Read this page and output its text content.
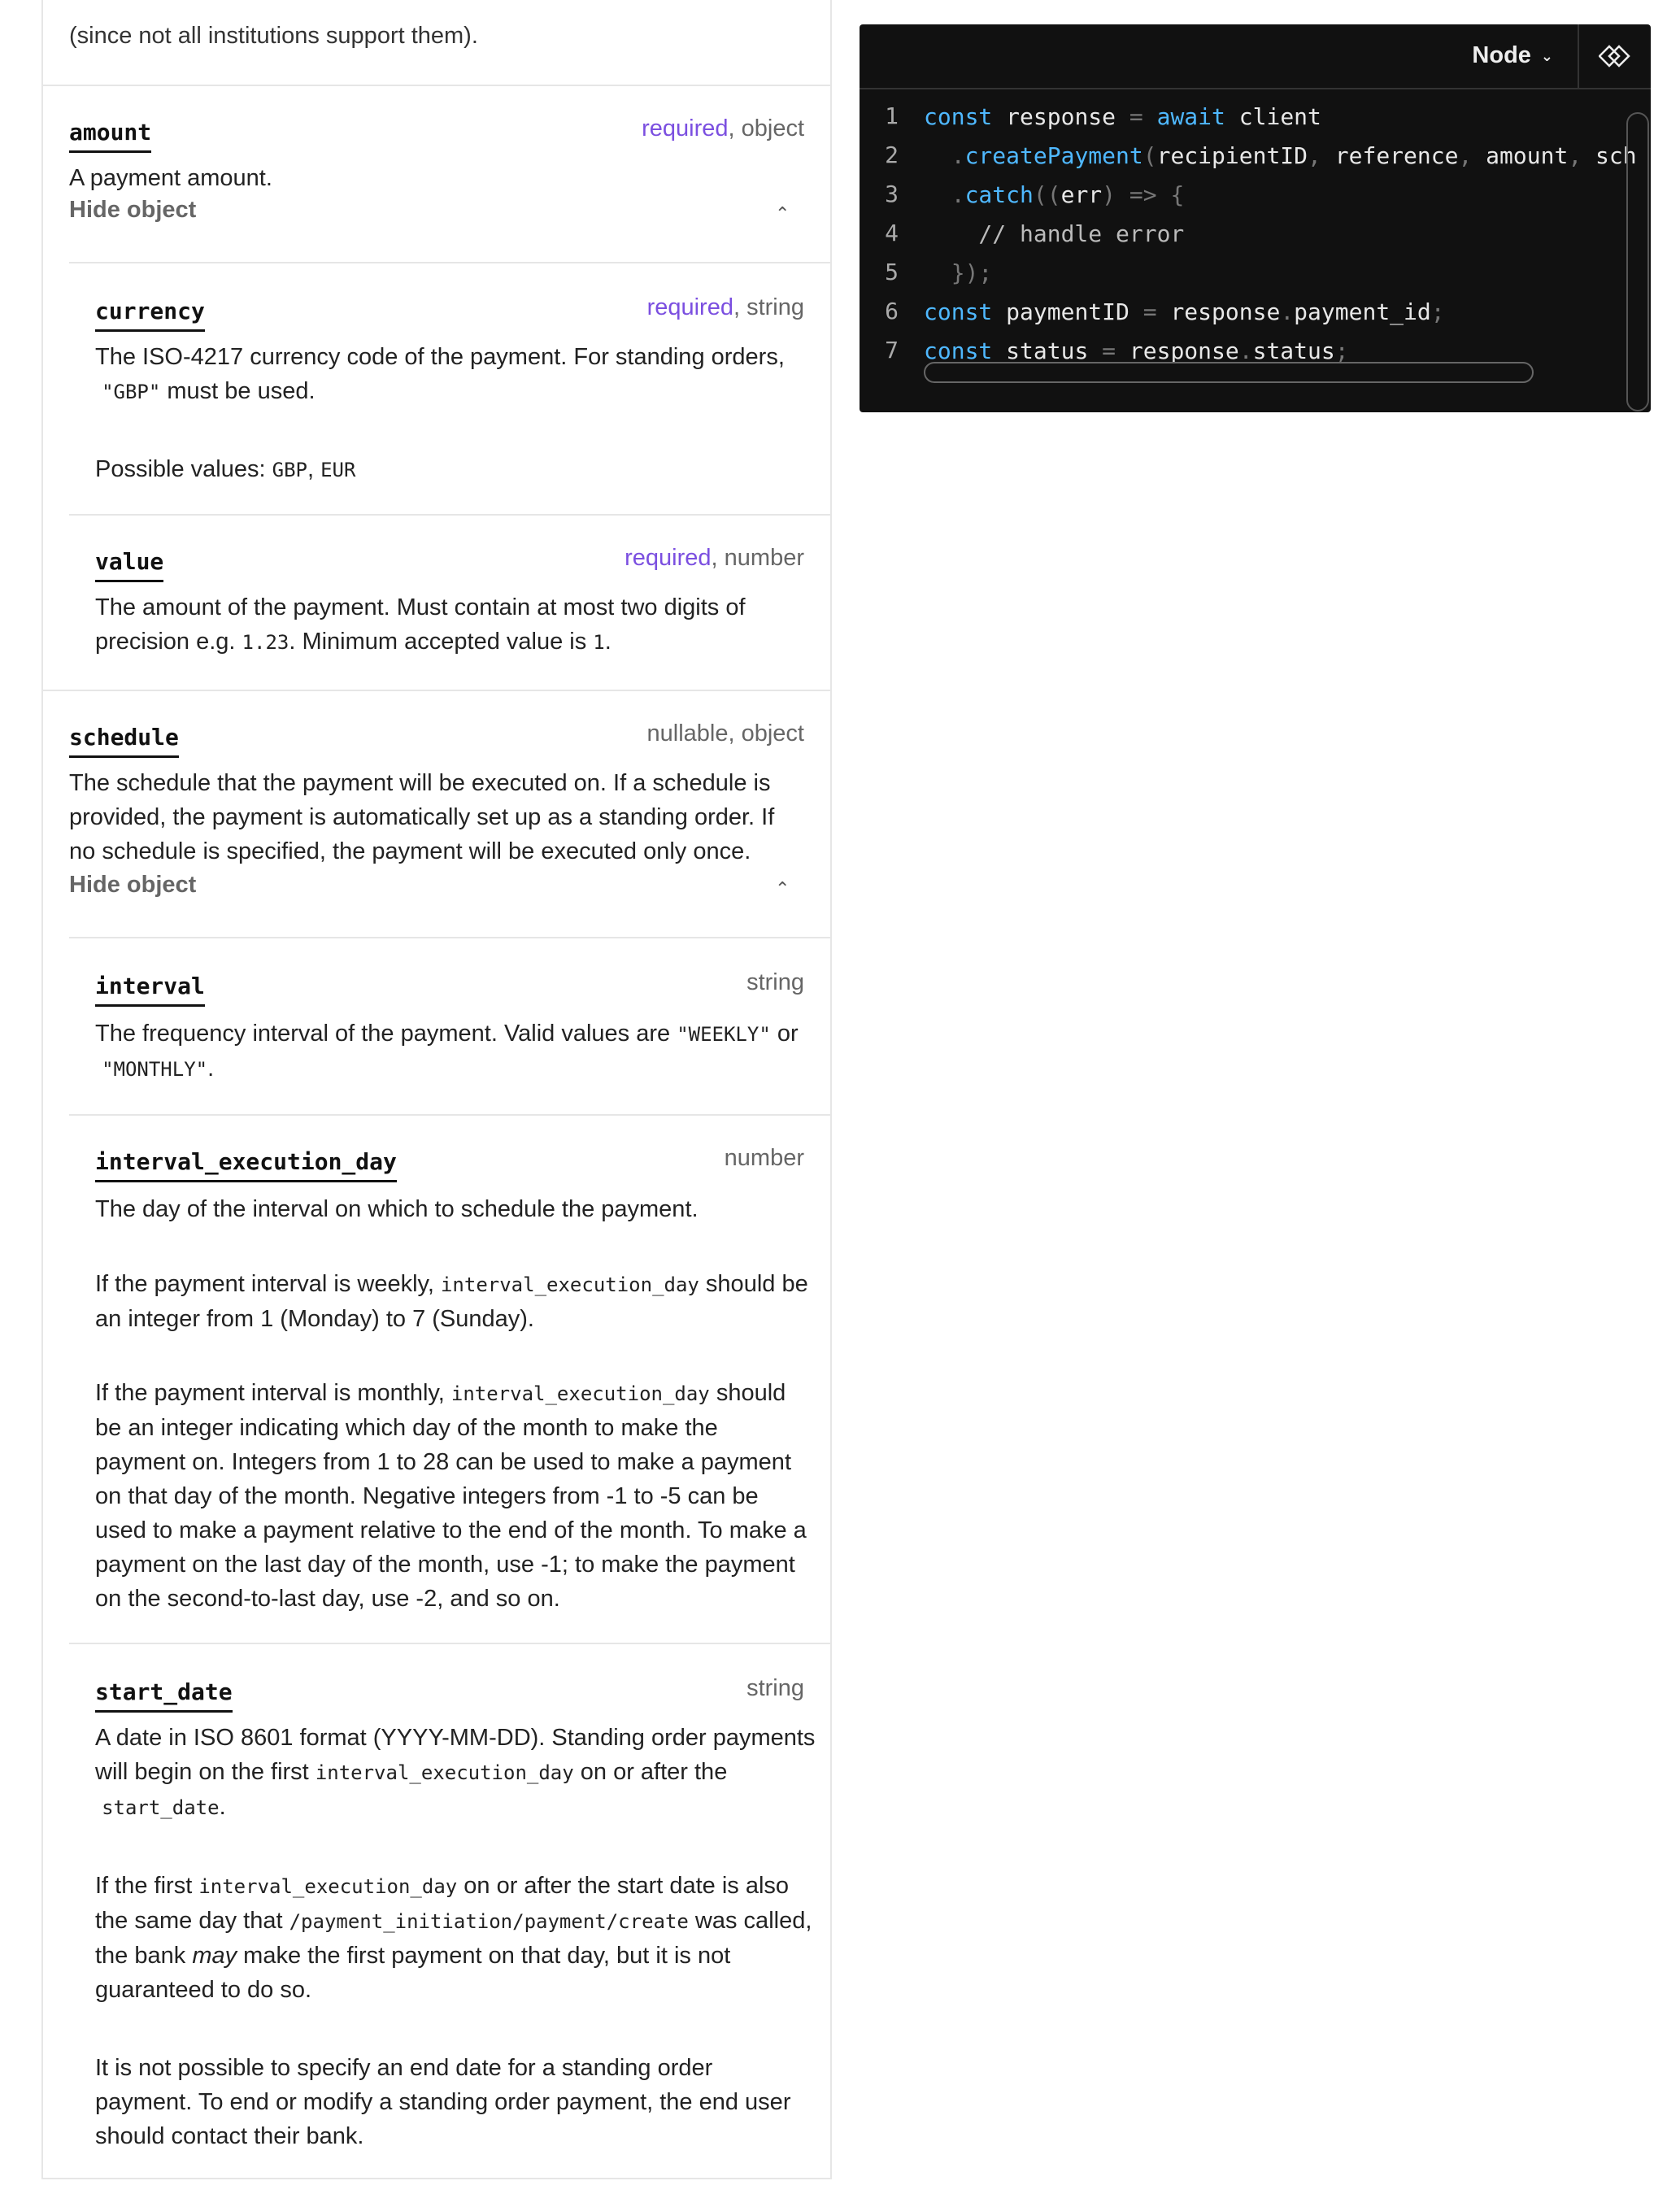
(since not all institutions support them).
amount	required, object
A payment amount.
Hide object	⌃
currency	required, string
The ISO-4217 currency code of the payment. For standing orders,
"GBP" must be used.
Possible values: GBP, EUR
value	required, number
The amount of the payment. Must contain at most two digits of
precision e.g. 1.23. Minimum accepted value is 1.
schedule	nullable, object
The schedule that the payment will be executed on. If a schedule is
provided, the payment is automatically set up as a standing order. If
no schedule is specified, the payment will be executed only once.
Hide object	⌃
interval	string
The frequency interval of the payment. Valid values are "WEEKLY" or
"MONTHLY".
interval_execution_day	number
The day of the interval on which to schedule the payment.
If the payment interval is weekly, interval_execution_day should be
an integer from 1 (Monday) to 7 (Sunday).
If the payment interval is monthly, interval_execution_day should
be an integer indicating which day of the month to make the
payment on. Integers from 1 to 28 can be used to make a payment
on that day of the month. Negative integers from -1 to -5 can be
used to make a payment relative to the end of the month. To make a
payment on the last day of the month, use -1; to make the payment
on the second-to-last day, use -2, and so on.
start_date	string
A date in ISO 8601 format (YYYY-MM-DD). Standing order payments
will begin on the first interval_execution_day on or after the
start_date.
If the first interval_execution_day on or after the start date is also
the same day that /payment_initiation/payment/create was called,
the bank may make the first payment on that day, but it is not
guaranteed to do so.
It is not possible to specify an end date for a standing order
payment. To end or modify a standing order payment, the end user
should contact their bank.
Node ⌄
1
2
3
4
5
6
7
const response = await client
.createPayment(recipientID, reference, amount, sch
.catch((err) => {
// handle error
});
const paymentID = response.payment_id;
const status = response.status;
